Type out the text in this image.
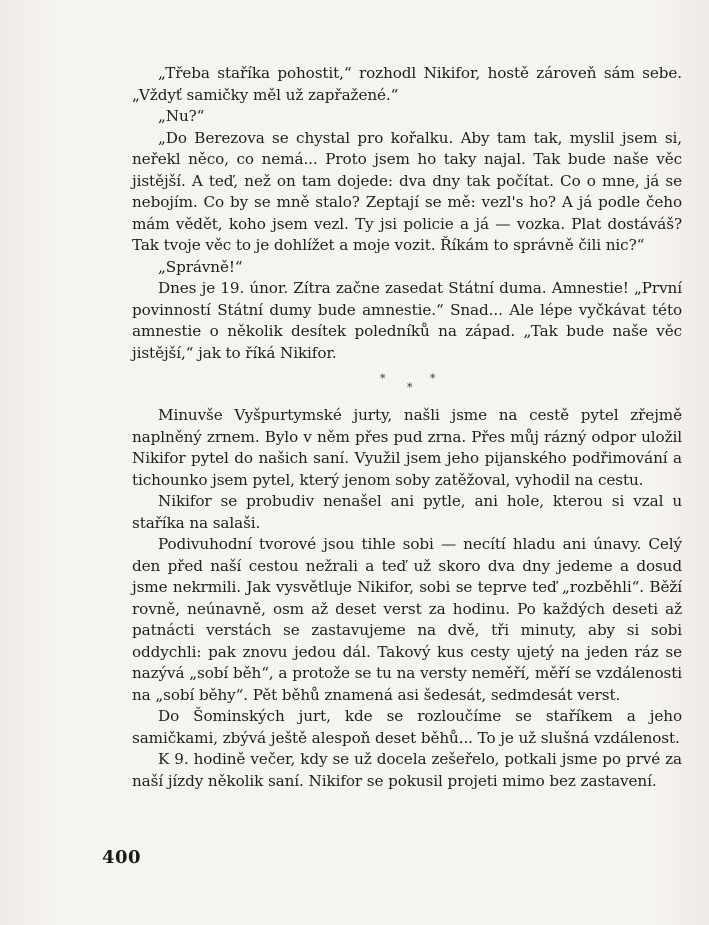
„Třeba staříka pohostit,“ rozhodl Nikifor, hostě zároveň sám sebe. „Vždyť samičky měl už zapřažené.“

„Nu?“

„Do Berezova se chystal pro kořalku. Aby tam tak, myslil jsem si, neřekl něco, co nemá... Proto jsem ho taky najal. Tak bude naše věc jistější. A teď, než on tam dojede: dva dny tak počítat. Co o mne, já se nebojím. Co by se mně stalo? Zeptají se mě: vezl's ho? A já podle čeho mám vědět, koho jsem vezl. Ty jsi policie a já — vozka. Plat dostáváš? Tak tvoje věc to je dohlížet a moje vozit. Říkám to správně čili nic?“

„Správně!“

Dnes je 19. únor. Zítra začne zasedat Státní duma. Amnestie! „První povinností Státní dumy bude amnestie.“ Snad... Ale lépe vyčkávat této amnestie o několik desítek poledníků na západ. „Tak bude naše věc jistější,“ jak to říká Nikifor.

*
*
*

Minuvše Vyšpurtymské jurty, našli jsme na cestě pytel zřejmě naplněný zrnem. Bylo v něm přes pud zrna. Přes můj rázný odpor uložil Nikifor pytel do našich saní. Využil jsem jeho pijanského podřimování a tichounko jsem pytel, který jenom soby zatěžoval, vyhodil na cestu.

Nikifor se probudiv nenašel ani pytle, ani hole, kterou si vzal u staříka na salaši.

Podivuhodní tvorové jsou tihle sobi — necítí hladu ani únavy. Celý den před naší cestou nežrali a teď už skoro dva dny jedeme a dosud jsme nekrmili. Jak vysvětluje Nikifor, sobi se teprve teď „rozběhli“. Běží rovně, neúnavně, osm až deset verst za hodinu. Po každých deseti až patnácti verstách se zastavujeme na dvě, tři minuty, aby si sobi oddychli: pak znovu jedou dál. Takový kus cesty ujetý na jeden ráz se nazývá „sobí běh“, a protože se tu na versty neměří, měří se vzdálenosti na „sobí běhy“. Pět běhů znamená asi šedesát, sedmdesát verst.

Do Šominských jurt, kde se rozloučíme se staříkem a jeho samičkami, zbývá ještě alespoň deset běhů... To je už slušná vzdálenost.

K 9. hodině večer, kdy se už docela zešeřelo, potkali jsme po prvé za naší jízdy několik saní. Nikifor se pokusil projeti mimo bez zastavení.

400
